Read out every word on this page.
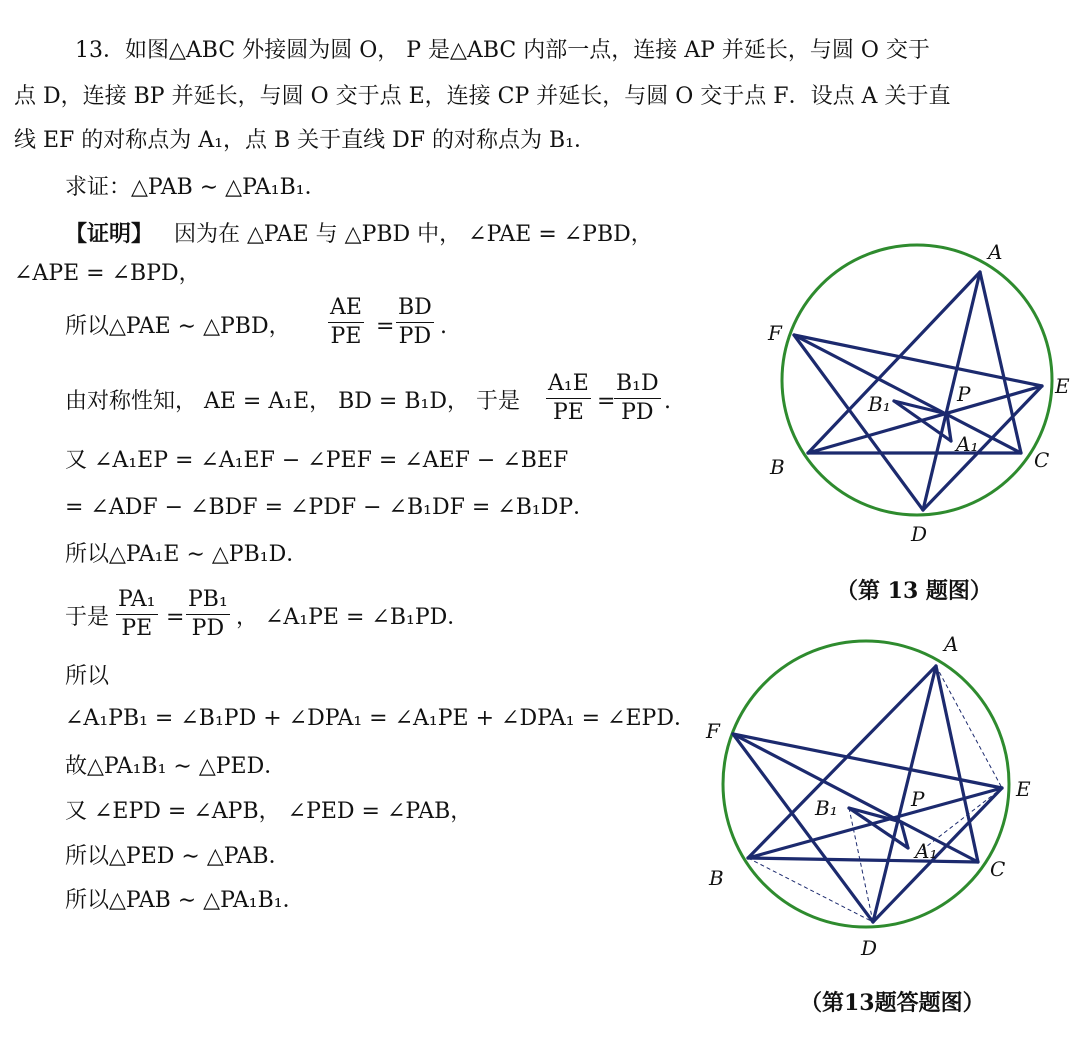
13．如图△ABC 外接圆为圆 O， P 是△ABC 内部一点，连接 AP 并延长，与圆 O 交于
点 D，连接 BP 并延长，与圆 O 交于点 E，连接 CP 并延长，与圆 O 交于点 F．设点 A 关于直
线 EF 的对称点为 A₁，点 B 关于直线 DF 的对称点为 B₁．
求证：△PAB ∼ △PA₁B₁．
【证明】 因为在 △PAE 与 △PBD 中， ∠PAE = ∠PBD，
∠APE = ∠BPD，
所以△PAE ∼ △PBD， $\frac{AE}{PE} = \frac{BD}{PD}$ .
由对称性知， AE = A₁E， BD = B₁D， 于是 $\frac{\text{A₁E}}{PE}$ =
$\frac{\text{B₁D}}{PD}$ .
又 ∠A₁EP = ∠A₁EF − ∠PEF = ∠AEF − ∠BEF
= ∠ADF − ∠BDF = ∠PDF − ∠B₁DF = ∠B₁DP．
所以△PA₁E ∼ △PB₁D．
于是 $\frac{\text{PA₁}}{PE} = \frac{\text{PB₁}}{PD}$ ， ∠A₁PE = ∠B₁PD．
所以
∠A₁PB₁ = ∠B₁PD + ∠DPA₁ = ∠A₁PE + ∠DPA₁ = ∠EPD．
故△PA₁B₁ ∼ △PED．
又 ∠EPD = ∠APB， ∠PED = ∠PAB，
所以△PED ∼ △PAB．
所以△PAB ∼ △PA₁B₁．
A
B	C
D
E
F
P
A₁
B₁
（第 13 题图）
A
B	C
D
E
F
P
A₁
B₁
（第13题答题图）
